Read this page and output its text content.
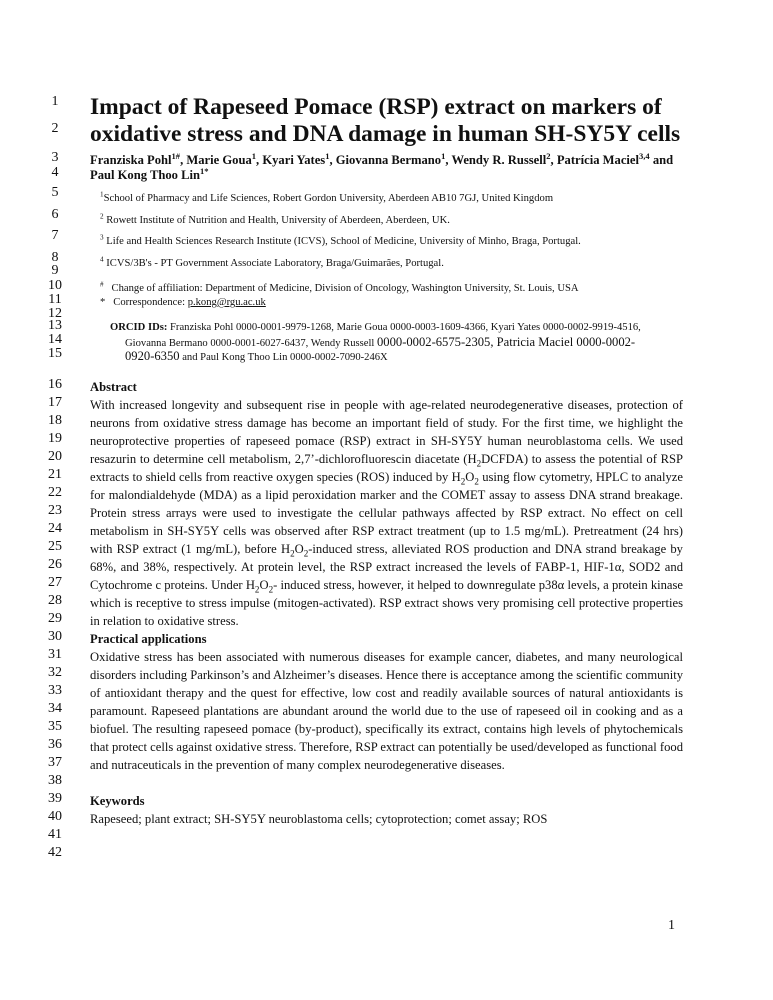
1
2
3
4
5
6
7
8
9
10
11
12
13
14
15
16
17
18
19
20
21
22
23
24
25
26
27
28
29
30
31
32
33
34
35
36
37
38
39
40
41
42
Impact of Rapeseed Pomace (RSP) extract on markers of
oxidative stress and DNA damage in human SH-SY5Y cells
Franziska Pohl$^{1\#}$, Marie Goua$^1$, Kyari Yates$^1$, Giovanna Bermano$^1$, Wendy R. Russell$^2$, Patrícia Maciel$^{3,4}$ and
Paul Kong Thoo Lin$^{1*}$
$^1$School of Pharmacy and Life Sciences, Robert Gordon University, Aberdeen AB10 7GJ, United Kingdom
$^2$ Rowett Institute of Nutrition and Health, University of Aberdeen, Aberdeen, UK.
$^3$ Life and Health Sciences Research Institute (ICVS), School of Medicine, University of Minho, Braga, Portugal.
$^4$ ICVS/3B's - PT Government Associate Laboratory, Braga/Guimarães, Portugal.
# Change of affiliation: Department of Medicine, Division of Oncology, Washington University, St. Louis, USA
* Correspondence: p.kong@rgu.ac.uk
ORCID IDs: Franziska Pohl 0000-0001-9979-1268, Marie Goua 0000-0003-1609-4366, Kyari Yates 0000-0002-9919-4516,
Giovanna Bermano 0000-0001-6027-6437, Wendy Russell 0000-0002-6575-2305, Patricia Maciel 0000-0002-
0920-6350 and Paul Kong Thoo Lin 0000-0002-7090-246X
Abstract
With increased longevity and subsequent rise in people with age-related neurodegenerative diseases, protection of
neurons from oxidative stress damage has become an important field of study. For the first time, we highlight the
neuroprotective properties of rapeseed pomace (RSP) extract in SH-SY5Y human neuroblastoma cells. We used
resazurin to determine cell metabolism, 2,7’-dichlorofluorescin diacetate $(H_2DCFDA)$ to assess the potential of RSP
extracts to shield cells from reactive oxygen species (ROS) induced by $H_2O_2$ using flow cytometry, HPLC to analyze
for malondialdehyde (MDA) as a lipid peroxidation marker and the COMET assay to assess DNA strand breakage.
Protein stress arrays were used to investigate the cellular pathways affected by RSP extract. No effect on cell
metabolism in SH-SY5Y cells was observed after RSP extract treatment (up to 1.5 mg/mL). Pretreatment (24 hrs)
with RSP extract (1 mg/mL), before $H_2O_2$-induced stress, alleviated ROS production and DNA strand breakage by
68%, and 38%, respectively. At protein level, the RSP extract increased the levels of FABP-1, HIF-1α, SOD2 and
Cytochrome c proteins. Under $H_2O_2-$ induced stress, however, it helped to downregulate p38α levels, a protein kinase
which is receptive to stress impulse (mitogen-activated). RSP extract shows very promising cell protective properties
in relation to oxidative stress.
Practical applications
Oxidative stress has been associated with numerous diseases for example cancer, diabetes, and many neurological
disorders including Parkinson’s and Alzheimer’s diseases. Hence there is acceptance among the scientific community
of antioxidant therapy and the quest for effective, low cost and readily available sources of natural antioxidants is
paramount. Rapeseed plantations are abundant around the world due to the use of rapeseed oil in cooking and as a
biofuel. The resulting rapeseed pomace (by-product), specifically its extract, contains high levels of phytochemicals
that protect cells against oxidative stress. Therefore, RSP extract can potentially be used/developed as functional food
and nutraceuticals in the prevention of many complex neurodegenerative diseases.
Keywords
Rapeseed; plant extract; SH-SY5Y neuroblastoma cells; cytoprotection; comet assay; ROS
1
